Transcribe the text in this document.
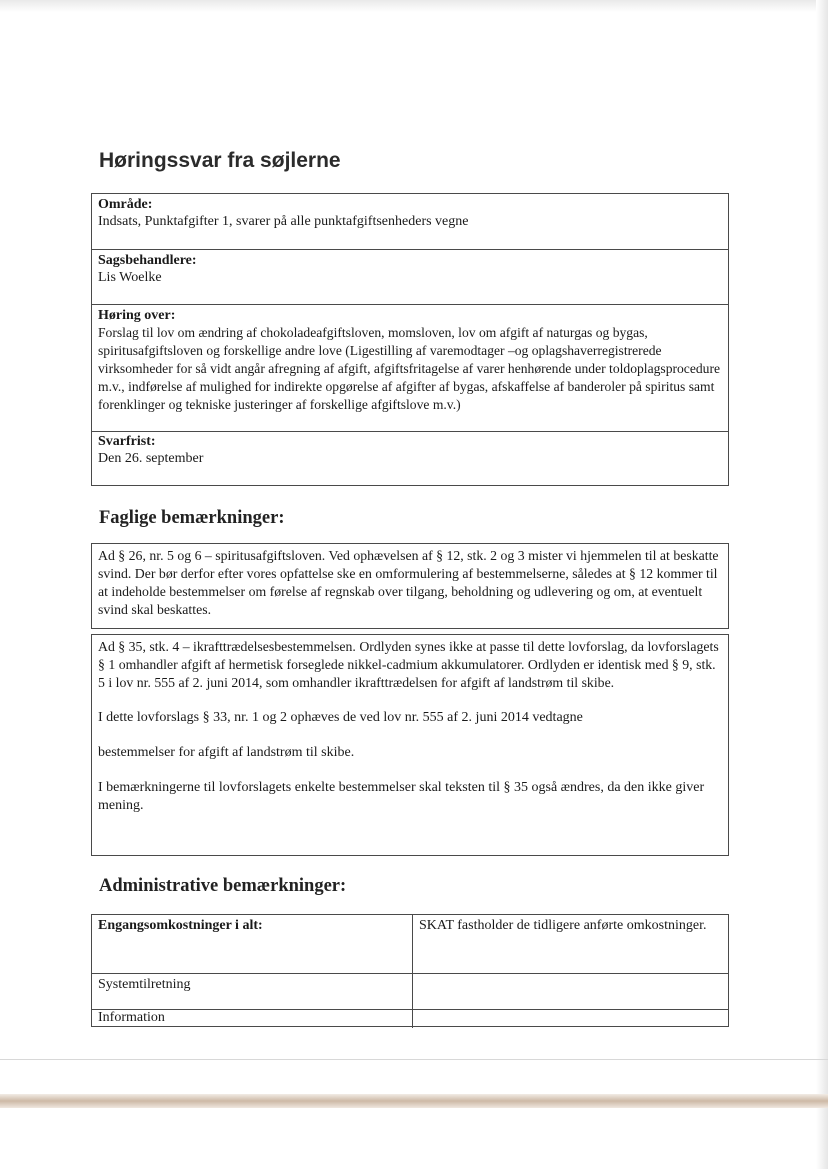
Høringssvar fra søjlerne
Område:
Indsats, Punktafgifter 1, svarer på alle punktafgiftsenheders vegne
Sagsbehandlere:
Lis Woelke
Høring over:
Forslag til lov om ændring af chokoladeafgiftsloven, momsloven, lov om afgift af naturgas og bygas, spiritusafgiftsloven og forskellige andre love (Ligestilling af varemodtager –og oplagshaverregistrerede virksomheder for så vidt angår afregning af afgift, afgiftsfritagelse af varer henhørende under toldoplagsprocedure m.v., indførelse af mulighed for indirekte opgørelse af afgifter af bygas, afskaffelse af banderoler på spiritus samt forenklinger og tekniske justeringer af forskellige afgiftslove m.v.)
Svarfrist:
Den 26. september
Faglige bemærkninger:

Ad § 26, nr. 5 og 6 – spiritusafgiftsloven. Ved ophævelsen af § 12, stk. 2 og 3 mister vi hjemmelen til at beskatte svind. Der bør derfor efter vores opfattelse ske en omformulering af bestemmelserne, således at § 12 kommer til at indeholde bestemmelser om førelse af regnskab over tilgang, beholdning og udlevering og om, at eventuelt svind skal beskattes.

Ad § 35, stk. 4 – ikrafttrædelsesbestemmelsen. Ordlyden synes ikke at passe til dette lovforslag, da lovforslagets § 1 omhandler afgift af hermetisk forseglede nikkel-cadmium akkumulatorer. Ordlyden er identisk med § 9, stk. 5 i lov nr. 555 af 2. juni 2014, som omhandler ikrafttrædelsen for afgift af landstrøm til skibe.

I dette lovforslags § 33, nr. 1 og 2 ophæves de ved lov nr. 555 af 2. juni 2014 vedtagne

bestemmelser for afgift af landstrøm til skibe.

I bemærkningerne til lovforslagets enkelte bestemmelser skal teksten til § 35 også ændres, da den ikke giver mening.

Administrative bemærkninger:
Engangsomkostninger i alt:	SKAT fastholder de tidligere anførte omkostninger.
Systemtilretning
Information
